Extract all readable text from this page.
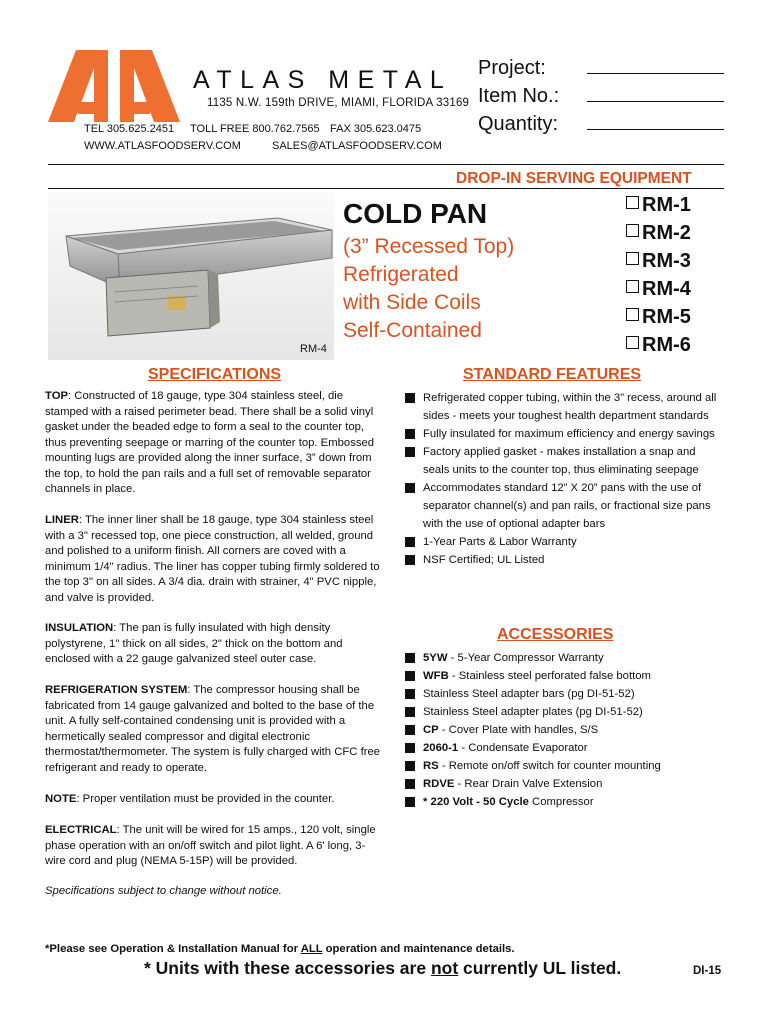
ATLAS METAL
1135 N.W. 159th DRIVE, MIAMI, FLORIDA 33169
TEL 305.625.2451 TOLL FREE 800.762.7565 FAX 305.623.0475
WWW.ATLASFOODSERV.COM	SALES@ATLASFOODSERV.COM
Project:
Item No.:
Quantity:
DROP-IN SERVING EQUIPMENT
RM-4
COLD PAN
(3” Recessed Top)
Refrigerated
with Side Coils
Self-Contained
RM-1
RM-2
RM-3
RM-4
RM-5
RM-6
SPECIFICATIONS
TOP: Constructed of 18 gauge, type 304 stainless steel, die stamped with a raised perimeter bead. There shall be a solid vinyl gasket under the beaded edge to form a seal to the counter top, thus preventing seepage or marring of the counter top. Embossed mounting lugs are provided along the inner surface, 3” down from the top, to hold the pan rails and a full set of removable separator channels in place.
LINER: The inner liner shall be 18 gauge, type 304 stainless steel with a 3" recessed top, one piece construction, all welded, ground and polished to a uniform finish. All corners are coved with a minimum 1/4" radius. The liner has copper tubing firmly soldered to the top 3" on all sides. A 3/4 dia. drain with strainer, 4" PVC nipple, and valve is provided.
INSULATION: The pan is fully insulated with high density polystyrene, 1" thick on all sides, 2" thick on the bottom and enclosed with a 22 gauge galvanized steel outer case.
REFRIGERATION SYSTEM: The compressor housing shall be fabricated from 14 gauge galvanized and bolted to the base of the unit. A fully self-contained condensing unit is provided with a hermetically sealed compressor and digital electronic thermostat/thermometer. The system is fully charged with CFC free refrigerant and ready to operate.
NOTE: Proper ventilation must be provided in the counter.
ELECTRICAL: The unit will be wired for 15 amps., 120 volt, single phase operation with an on/off switch and pilot light. A 6' long, 3-wire cord and plug (NEMA 5-15P) will be provided.
Specifications subject to change without notice.
STANDARD FEATURES
Refrigerated copper tubing, within the 3” recess, around all sides - meets your toughest health department standards
Fully insulated for maximum efficiency and energy savings
Factory applied gasket - makes installation a snap and seals units to the counter top, thus eliminating seepage
Accommodates standard 12” X 20” pans with the use of separator channel(s) and pan rails, or fractional size pans with the use of optional adapter bars
1-Year Parts & Labor Warranty
NSF Certified; UL Listed
ACCESSORIES
5YW - 5-Year Compressor Warranty
WFB - Stainless steel perforated false bottom
Stainless Steel adapter bars (pg DI-51-52)
Stainless Steel adapter plates (pg DI-51-52)
CP - Cover Plate with handles, S/S
2060-1 - Condensate Evaporator
RS - Remote on/off switch for counter mounting
RDVE - Rear Drain Valve Extension
* 220 Volt - 50 Cycle Compressor
*Please see Operation & Installation Manual for ALL operation and maintenance details.
* Units with these accessories are not currently UL listed.	DI-15
